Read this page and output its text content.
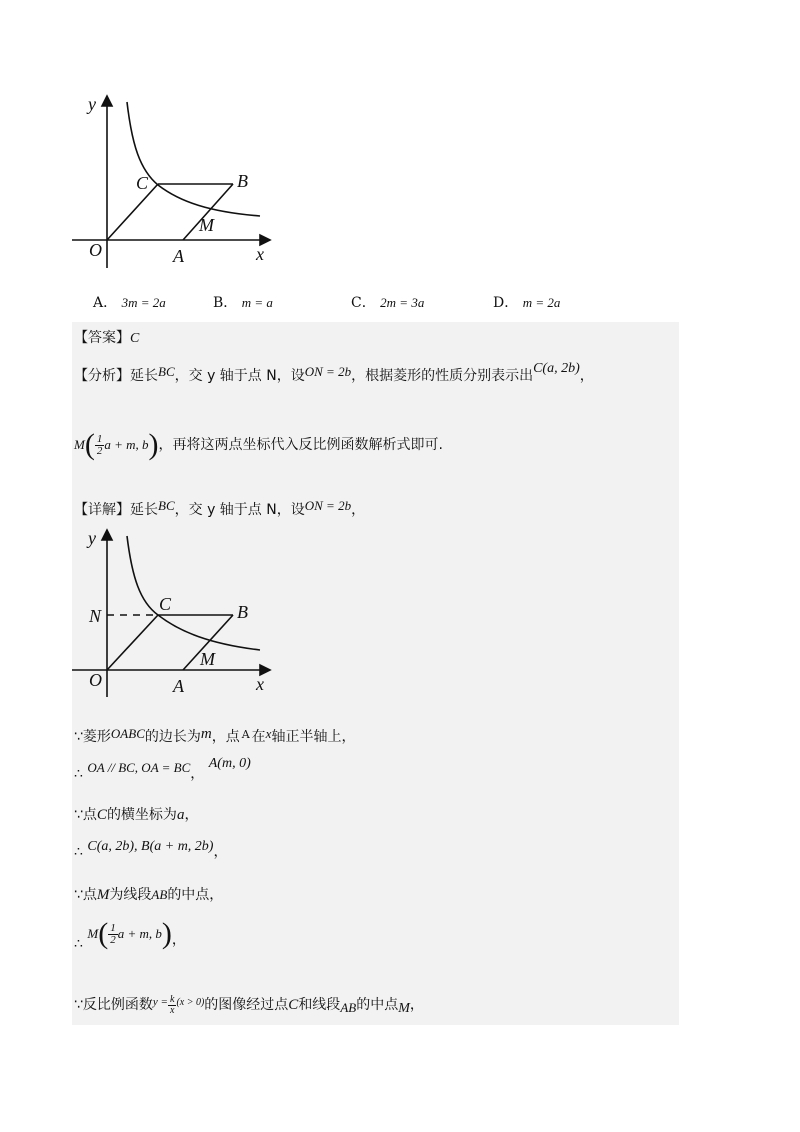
y
x
O	A
B
C
M
A． 3m = 2a	B． m = a	C． 2m = 3a	D． m = 2a
【答案】C
【分析】延长BC，交 y 轴于点 N，设ON = 2b，根据菱形的性质分别表示出C(a, 2b)，
$M( \frac{1}{2}$ a + m, b)，再将这两点坐标代入反比例函数解析式即可.
【详解】延长BC，交 y 轴于点 N，设ON = 2b，
y
x
O	A
B
C
M
N
∵菱形OABC的边长为m，点 $^A$ 在x轴正半轴上，
∴ OA // BC, OA = BC， A(m, 0)
∵点C的横坐标为a，
∴ C(a, 2b), B(a + m, 2b)，
∵点M为线段AB的中点，
∴ $M( \frac{1}{2}$ a + m, b)，
∵反比例函数$^{y =} \frac{k}{x} ^{(x > 0)}$的图像经过点C和线段AB的中点M，
